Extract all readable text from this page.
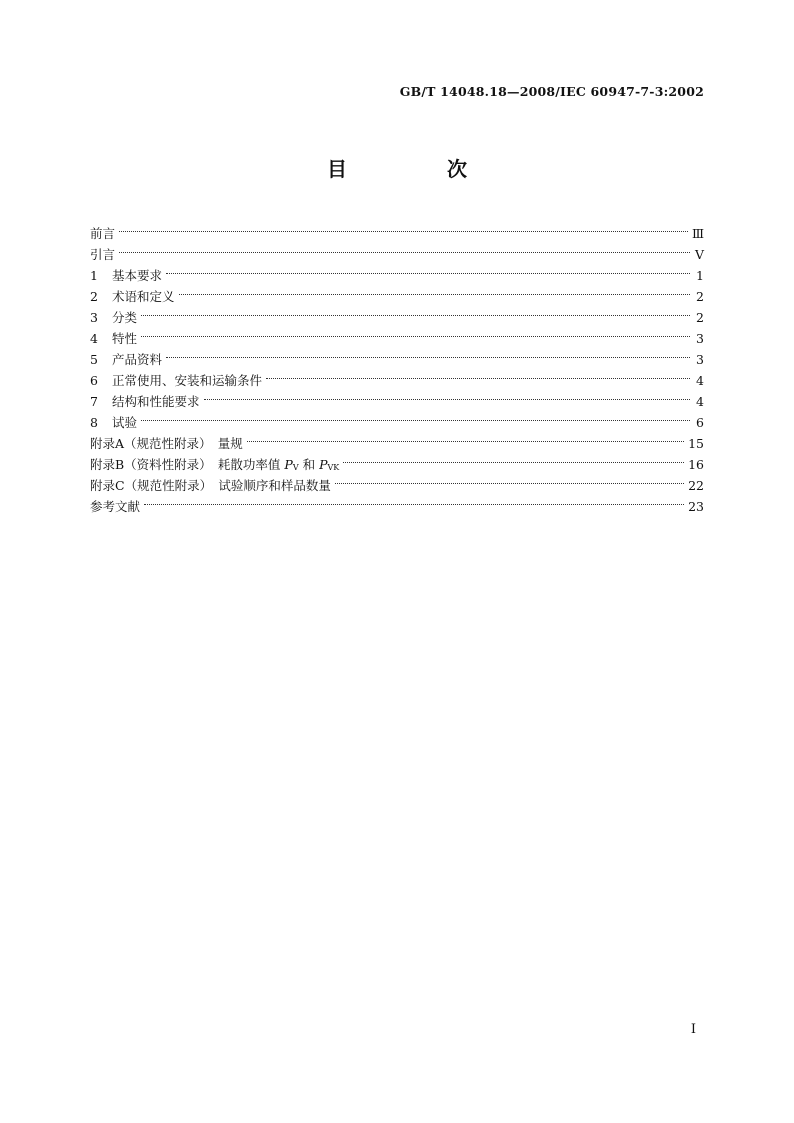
GB/T 14048.18—2008/IEC 60947-7-3:2002
目　次
前言	Ⅲ
引言	Ⅴ
1	基本要求	1
2	术语和定义	2
3	分类	2
4	特性	3
5	产品资料	3
6	正常使用、安装和运输条件	4
7	结构和性能要求	4
8	试验	6
附录A（规范性附录）　量规	15
附录B（资料性附录）　耗散功率值 $P_V$ 和 $P_{VK}$	16
附录C（规范性附录）　试验顺序和样品数量	22
参考文献	23
Ⅰ
